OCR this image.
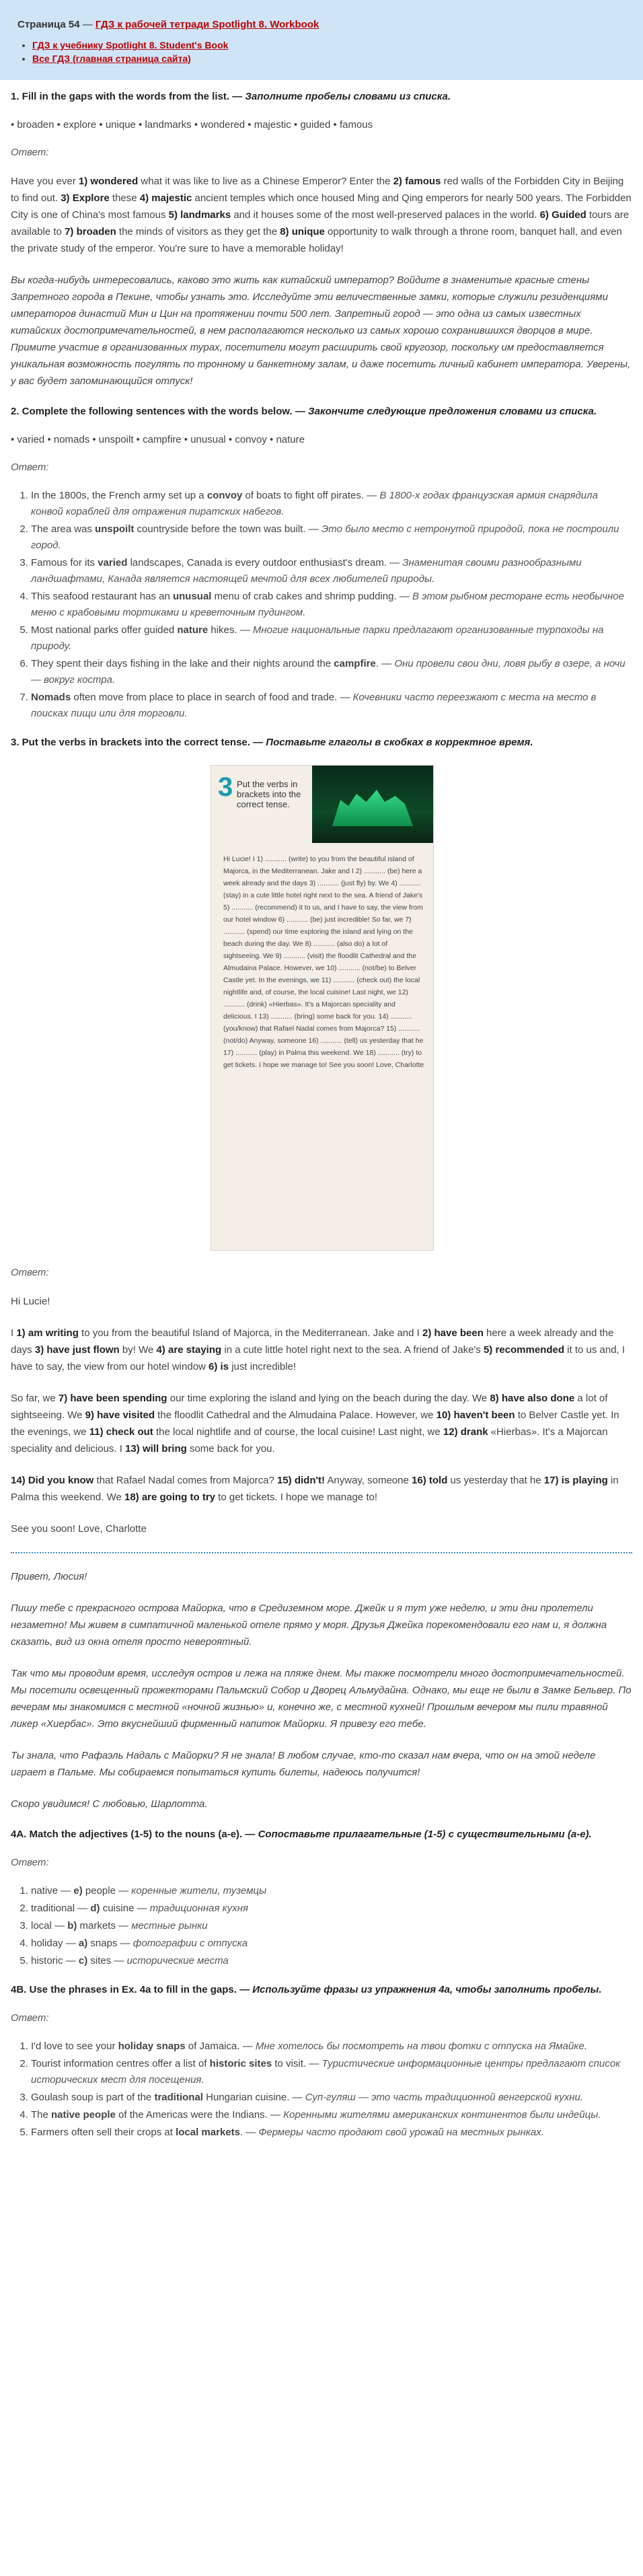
Страница 54 — ГДЗ к рабочей тетради Spotlight 8. Workbook
• ГДЗ к учебнику Spotlight 8. Student's Book
• Все ГДЗ (главная страница сайта)
1. Fill in the gaps with the words from the list. — Заполните пробелы словами из списка.
• broaden • explore • unique • landmarks • wondered • majestic • guided • famous
Ответ:
Have you ever 1) wondered what it was like to live as a Chinese Emperor? Enter the 2) famous red walls of the Forbidden City in Beijing to find out. 3) Explore these 4) majestic ancient temples which once housed Ming and Qing emperors for nearly 500 years. The Forbidden City is one of China's most famous 5) landmarks and it houses some of the most well-preserved palaces in the world. 6) Guided tours are available to 7) broaden the minds of visitors as they get the 8) unique opportunity to walk through a throne room, banquet hall, and even the private study of the emperor. You're sure to have a memorable holiday!
Вы когда-нибудь интересовались, каково это жить как китайский император? Войдите в знаменитые красные стены Запретного города в Пекине, чтобы узнать это. Исследуйте эти величественные замки, которые служили резиденциями императоров династий Мин и Цин на протяжении почти 500 лет. Запретный город — это одна из самых известных китайских достопримечательностей, в нем располагаются несколько из самых хорошо сохранившихся дворцов в мире. Примите участие в организованных турах, посетители могут расширить свой кругозор, поскольку им предоставляется уникальная возможность погулять по тронному и банкетному залам, и даже посетить личный кабинет императора. Уверены, у вас будет запоминающийся отпуск!
2. Complete the following sentences with the words below. — Закончите следующие предложения словами из списка.
• varied • nomads • unspoilt • campfire • unusual • convoy • nature
Ответ:
1. In the 1800s, the French army set up a convoy of boats to fight off pirates. — В 1800-х годах французская армия снарядила конвой кораблей для отражения пиратских набегов.
2. The area was unspoilt countryside before the town was built. — Это было место с нетронутой природой, пока не построили город.
3. Famous for its varied landscapes, Canada is every outdoor enthusiast's dream. — Знаменитая своими разнообразными ландшафтами, Канада является настоящей мечтой для всех любителей природы.
4. This seafood restaurant has an unusual menu of crab cakes and shrimp pudding. — В этом рыбном ресторане есть необычное меню с крабовыми тортиками и креветочным пудингом.
5. Most national parks offer guided nature hikes. — Многие национальные парки предлагают организованные турпоходы на природу.
6. They spent their days fishing in the lake and their nights around the campfire. — Они провели свои дни, ловя рыбу в озере, а ночи — вокруг костра.
7. Nomads often move from place to place in search of food and trade. — Кочевники часто переезжают с места на место в поисках пищи или для торговли.
3. Put the verbs in brackets into the correct tense. — Поставьте глаголы в скобках в корректное время.
3 Put the verbs in brackets into the correct tense.
Hi Lucie! I 1) ........... (write) to you from the beautiful island of Majorca, in the Mediterranean. Jake and I 2) ........... (be) here a week already and the days 3) ........... (just fly) by. We 4) ........... (stay) in a cute little hotel right next to the sea. A friend of Jake's 5) ........... (recommend) it to us, and I have to say, the view from our hotel window 6) ........... (be) just incredible! So far, we 7) ........... (spend) our time exploring the island and lying on the beach during the day. We 8) ........... (also do) a lot of sightseeing. We 9) ........... (visit) the floodlit Cathedral and the Almudaina Palace. However, we 10) ........... (not/be) to Belver Castle yet. In the evenings, we 11) ........... (check out) the local nightlife and, of course, the local cuisine! Last night, we 12) ........... (drink) «Hierbas». It's a Majorcan speciality and delicious. I 13) ........... (bring) some back for you. 14) ........... (you/know) that Rafael Nadal comes from Majorca? 15) ........... (not/do) Anyway, someone 16) ........... (tell) us yesterday that he 17) ........... (play) in Palma this weekend. We 18) ........... (try) to get tickets. I hope we manage to! See you soon! Love, Charlotte
Ответ:
Hi Lucie!
I 1) am writing to you from the beautiful Island of Majorca, in the Mediterranean. Jake and I 2) have been here a week already and the days 3) have just flown by! We 4) are staying in a cute little hotel right next to the sea. A friend of Jake's 5) recommended it to us and, I have to say, the view from our hotel window 6) is just incredible!
So far, we 7) have been spending our time exploring the island and lying on the beach during the day. We 8) have also done a lot of sightseeing. We 9) have visited the floodlit Cathedral and the Almudaina Palace. However, we 10) haven't been to Belver Castle yet. In the evenings, we 11) check out the local nightlife and of course, the local cuisine! Last night, we 12) drank «Hierbas». It's a Majorcan speciality and delicious. I 13) will bring some back for you.
14) Did you know that Rafael Nadal comes from Majorca? 15) didn't! Anyway, someone 16) told us yesterday that he 17) is playing in Palma this weekend. We 18) are going to try to get tickets. I hope we manage to!
See you soon! Love, Charlotte
Привет, Люсия!
Пишу тебе с прекрасного острова Майорка, что в Средиземном море. Джейк и я тут уже неделю, и эти дни пролетели незаметно! Мы живем в симпатичной маленькой отеле прямо у моря. Друзья Джейка порекомендовали его нам и, я должна сказать, вид из окна отеля просто невероятный.
Так что мы проводим время, исследуя остров и лежа на пляже днем. Мы также посмотрели много достопримечательностей. Мы посетили освещенный прожекторами Пальмский Собор и Дворец Альмудайна. Однако, мы еще не были в Замке Бельвер. По вечерам мы знакомимся с местной «ночной жизнью» и, конечно же, с местной кухней! Прошлым вечером мы пили травяной ликер «Хиербас». Это вкуснейший фирменный напиток Майорки. Я привезу его тебе.
Ты знала, что Рафаэль Надаль с Майорки? Я не знала! В любом случае, кто-то сказал нам вчера, что он на этой неделе играет в Пальме. Мы собираемся попытаться купить билеты, надеюсь получится!
Скоро увидимся! С любовью, Шарлотта.
4A. Match the adjectives (1-5) to the nouns (a-e). — Сопоставьте прилагательные (1-5) с существительными (a-e).
Ответ:
1. native — e) people — коренные жители, туземцы
2. traditional — d) cuisine — традиционная кухня
3. local — b) markets — местные рынки
4. holiday — a) snaps — фотографии с отпуска
5. historic — c) sites — исторические места
4B. Use the phrases in Ex. 4a to fill in the gaps. — Используйте фразы из упражнения 4а, чтобы заполнить пробелы.
Ответ:
1. I'd love to see your holiday snaps of Jamaica. — Мне хотелось бы посмотреть на твои фотки с отпуска на Ямайке.
2. Tourist information centres offer a list of historic sites to visit. — Туристические информационные центры предлагают список исторических мест для посещения.
3. Goulash soup is part of the traditional Hungarian cuisine. — Суп-гуляш — это часть традиционной венгерской кухни.
4. The native people of the Americas were the Indians. — Коренными жителями американских континентов были индейцы.
5. Farmers often sell their crops at local markets. — Фермеры часто продают свой урожай на местных рынках.
